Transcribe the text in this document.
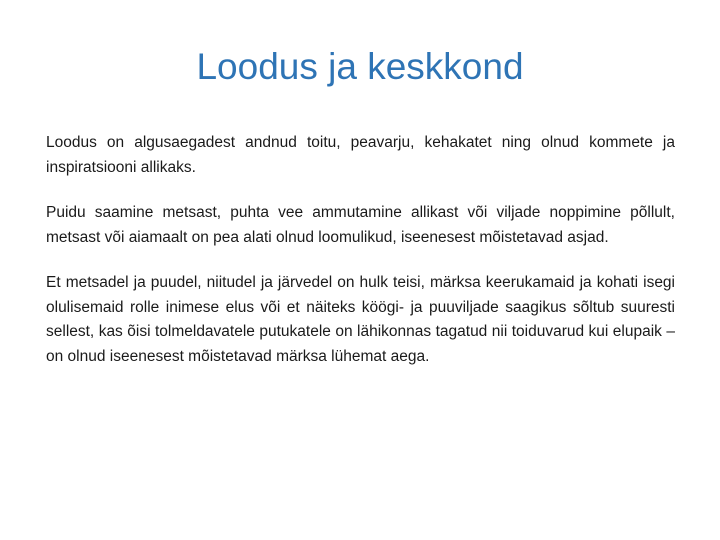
Loodus ja keskkond

Loodus on algusaegadest andnud toitu, peavarju, kehakatet ning olnud kommete ja inspiratsiooni allikaks.

Puidu saamine metsast, puhta vee ammutamine allikast või viljade noppimine põllult, metsast või aiamaalt on pea alati olnud loomulikud, iseenesest mõistetavad asjad.

Et metsadel ja puudel, niitudel ja järvedel on hulk teisi, märksa keerukamaid ja kohati isegi olulisemaid rolle inimese elus või et näiteks köögi- ja puuviljade saagikus sõltub suuresti sellest, kas õisi tolmeldavatele putukatele on lähikonnas tagatud nii toiduvarud kui elupaik – on olnud iseenesest mõistetavad märksa lühemat aega.
